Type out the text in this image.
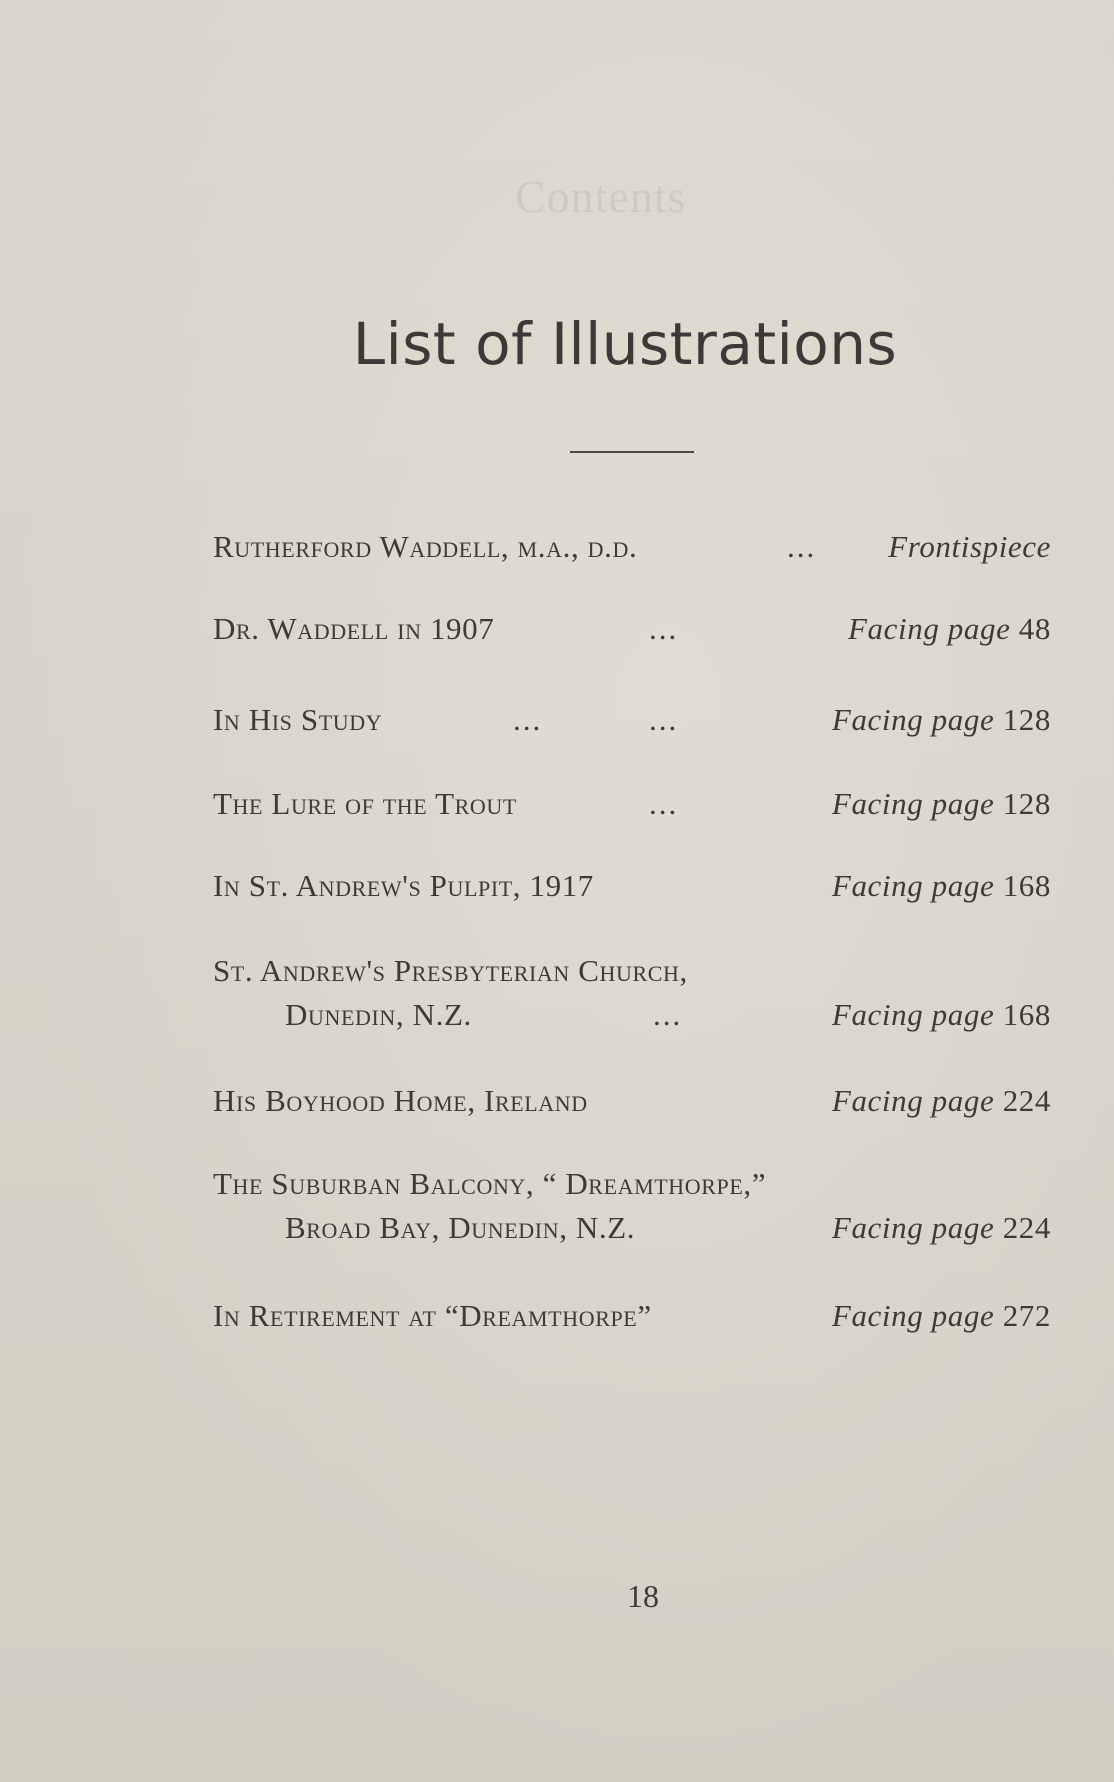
Contents
List of Illustrations
Rutherford Waddell, m.a., d.d.	... Frontispiece
Dr. Waddell in 1907	...	Facing page 48
In His Study	...	...	Facing page 128
The Lure of the Trout	...	Facing page 128
In St. Andrew's Pulpit, 1917	Facing page 168
St. Andrew's Presbyterian Church,
Dunedin, N.Z.	...	Facing page 168
His Boyhood Home, Ireland	Facing page 224
The Suburban Balcony, “ Dreamthorpe,”
Broad Bay, Dunedin, N.Z.	Facing page 224
In Retirement at “Dreamthorpe”	Facing page 272
18
